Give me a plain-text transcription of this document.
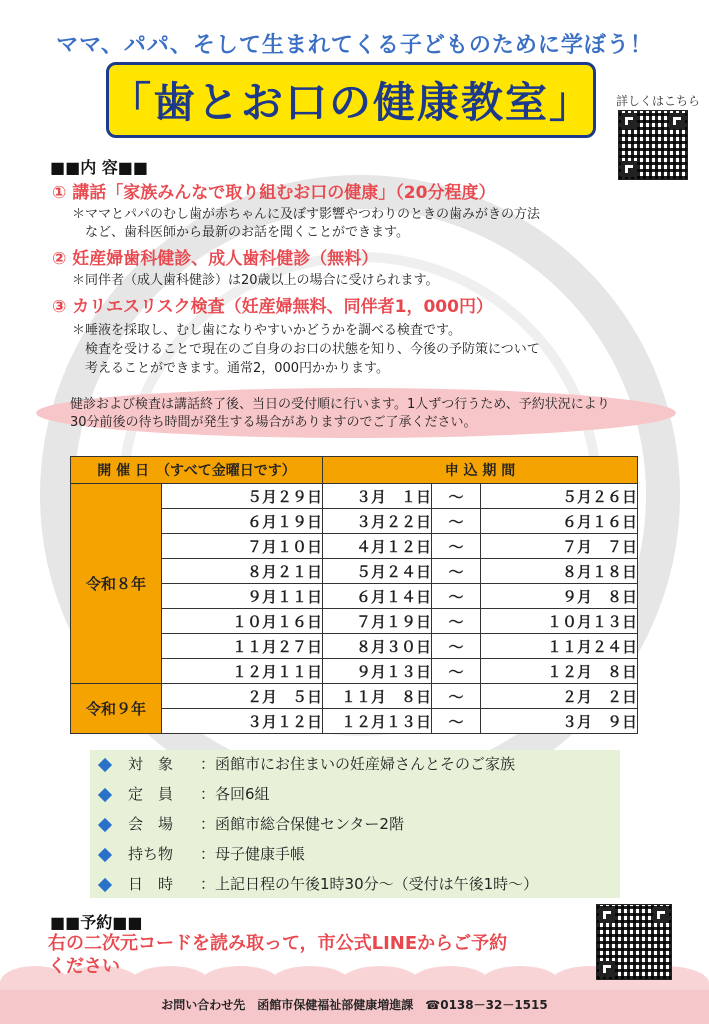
ママ、パパ、そして生まれてくる子どものために学ぼう！
「歯とお口の健康教室」 詳しくはこちら
■■内 容■■
① 講話「家族みんなで取り組むお口の健康」（20分程度）
＊ママとパパのむし歯が赤ちゃんに及ぼす影響やつわりのときの歯みがきの方法
　など、歯科医師から最新のお話を聞くことができます。
② 妊産婦歯科健診、成人歯科健診（無料）
＊同伴者（成人歯科健診）は20歳以上の場合に受けられます。
③ カリエスリスク検査（妊産婦無料、同伴者1，000円）
＊唾液を採取し、むし歯になりやすいかどうかを調べる検査です。
　検査を受けることで現在のご自身のお口の状態を知り、今後の予防策について
　考えることができます。通常2，000円かかります。
健診および検査は講話終了後、当日の受付順に行います。1人ずつ行うため、予約状況により
30分前後の待ち時間が発生する場合がありますのでご了承ください。
開 催 日　（すべて金曜日です）		申 込 期 間		
令和８年	５月２９日	３月　１日	～	５月２６日
	６月１９日	３月２２日	～	６月１６日
	７月１０日	４月１２日	～	７月　７日
	８月２１日	５月２４日	～	８月１８日
	９月１１日	６月１４日	～	９月　８日
	１０月１６日	７月１９日	～	１０月１３日
	１１月２７日	８月３０日	～	１１月２４日
	１２月１１日	９月１３日	～	１２月　８日
令和９年	２月　５日	１１月　８日	～	２月　２日
	３月１２日	１２月１３日	～	３月　９日
対　象 ：函館市にお住まいの妊産婦さんとそのご家族
定　員 ：各回6組
会　場 ：函館市総合保健センター2階
持ち物 ：母子健康手帳
日　時 ：上記日程の午後1時30分～（受付は午後1時～）
■■予約■■
右の二次元コードを読み取って，市公式LINEからご予約
ください
お問い合わせ先　函館市保健福祉部健康増進課　☎0138－32－1515
